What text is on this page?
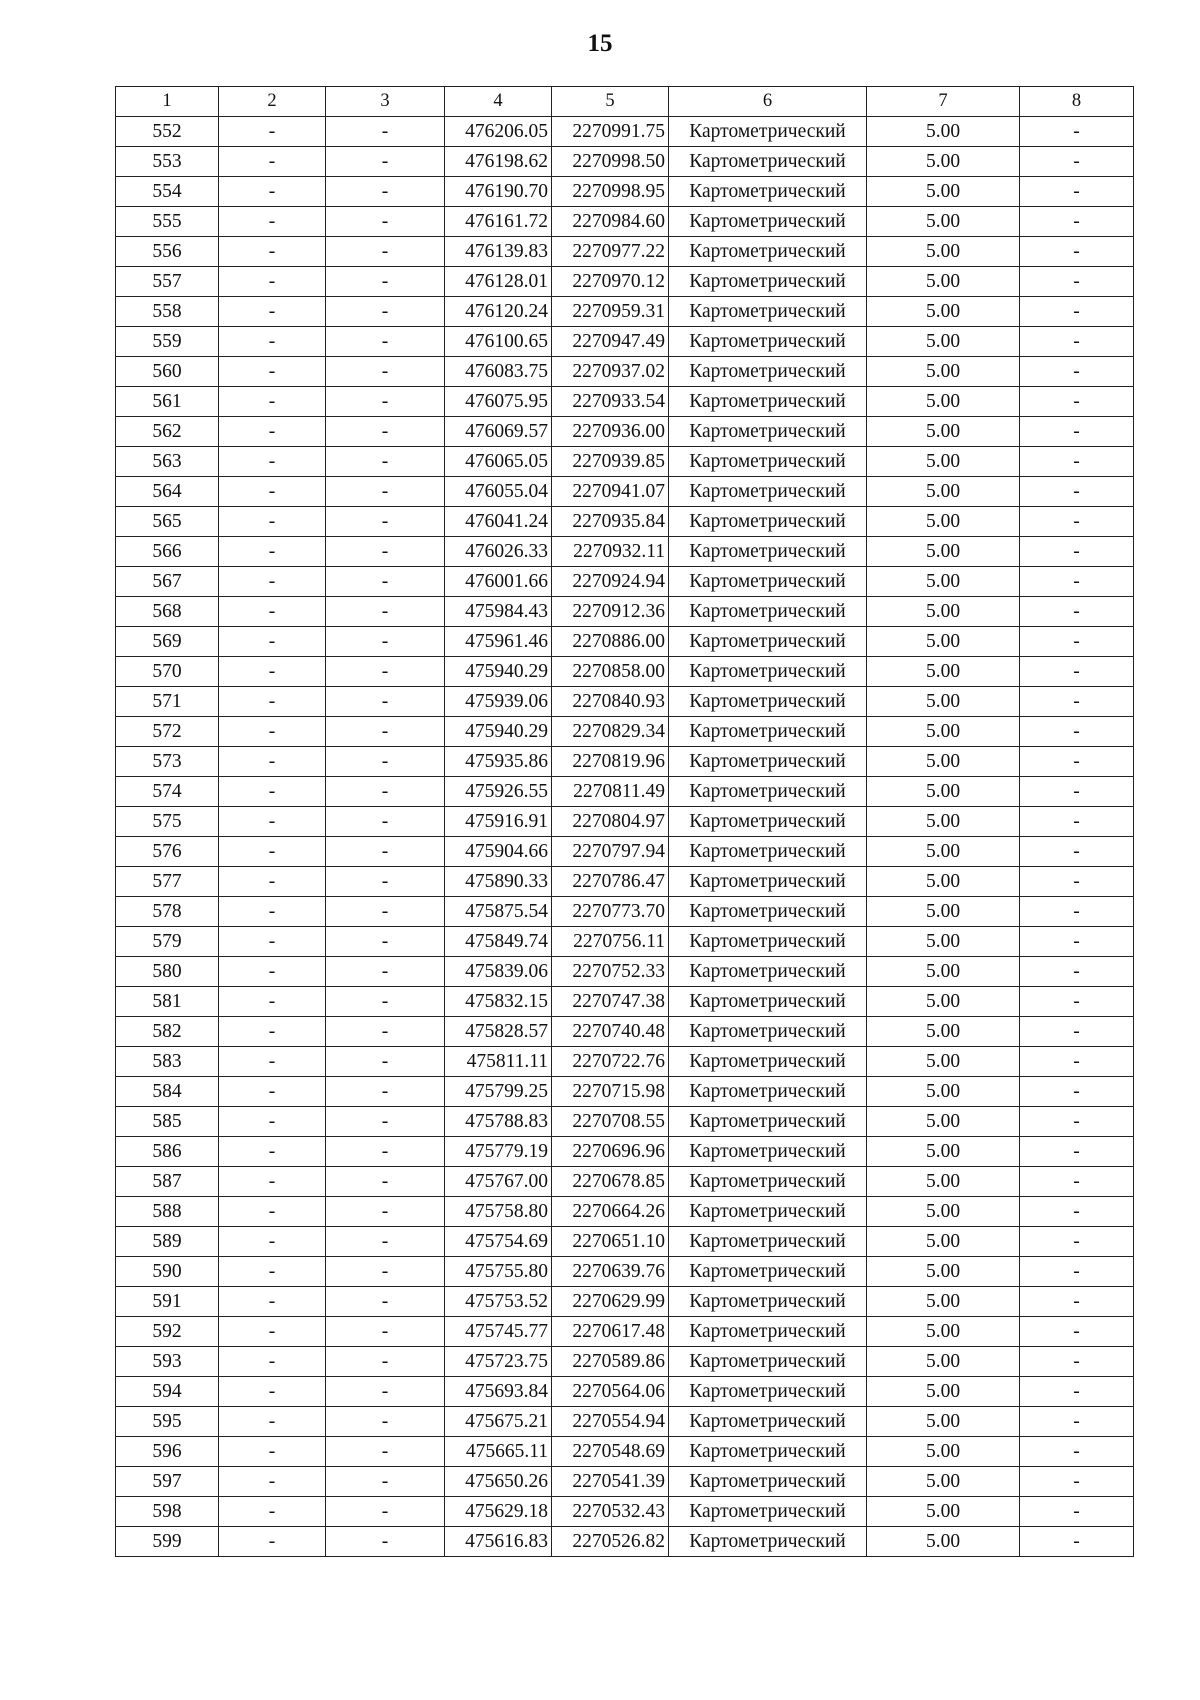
15
1	2	3	4	5	6	7	8
552	-	-	476206.05	2270991.75	Картометрический	5.00	-
553	-	-	476198.62	2270998.50	Картометрический	5.00	-
554	-	-	476190.70	2270998.95	Картометрический	5.00	-
555	-	-	476161.72	2270984.60	Картометрический	5.00	-
556	-	-	476139.83	2270977.22	Картометрический	5.00	-
557	-	-	476128.01	2270970.12	Картометрический	5.00	-
558	-	-	476120.24	2270959.31	Картометрический	5.00	-
559	-	-	476100.65	2270947.49	Картометрический	5.00	-
560	-	-	476083.75	2270937.02	Картометрический	5.00	-
561	-	-	476075.95	2270933.54	Картометрический	5.00	-
562	-	-	476069.57	2270936.00	Картометрический	5.00	-
563	-	-	476065.05	2270939.85	Картометрический	5.00	-
564	-	-	476055.04	2270941.07	Картометрический	5.00	-
565	-	-	476041.24	2270935.84	Картометрический	5.00	-
566	-	-	476026.33	2270932.11	Картометрический	5.00	-
567	-	-	476001.66	2270924.94	Картометрический	5.00	-
568	-	-	475984.43	2270912.36	Картометрический	5.00	-
569	-	-	475961.46	2270886.00	Картометрический	5.00	-
570	-	-	475940.29	2270858.00	Картометрический	5.00	-
571	-	-	475939.06	2270840.93	Картометрический	5.00	-
572	-	-	475940.29	2270829.34	Картометрический	5.00	-
573	-	-	475935.86	2270819.96	Картометрический	5.00	-
574	-	-	475926.55	2270811.49	Картометрический	5.00	-
575	-	-	475916.91	2270804.97	Картометрический	5.00	-
576	-	-	475904.66	2270797.94	Картометрический	5.00	-
577	-	-	475890.33	2270786.47	Картометрический	5.00	-
578	-	-	475875.54	2270773.70	Картометрический	5.00	-
579	-	-	475849.74	2270756.11	Картометрический	5.00	-
580	-	-	475839.06	2270752.33	Картометрический	5.00	-
581	-	-	475832.15	2270747.38	Картометрический	5.00	-
582	-	-	475828.57	2270740.48	Картометрический	5.00	-
583	-	-	475811.11	2270722.76	Картометрический	5.00	-
584	-	-	475799.25	2270715.98	Картометрический	5.00	-
585	-	-	475788.83	2270708.55	Картометрический	5.00	-
586	-	-	475779.19	2270696.96	Картометрический	5.00	-
587	-	-	475767.00	2270678.85	Картометрический	5.00	-
588	-	-	475758.80	2270664.26	Картометрический	5.00	-
589	-	-	475754.69	2270651.10	Картометрический	5.00	-
590	-	-	475755.80	2270639.76	Картометрический	5.00	-
591	-	-	475753.52	2270629.99	Картометрический	5.00	-
592	-	-	475745.77	2270617.48	Картометрический	5.00	-
593	-	-	475723.75	2270589.86	Картометрический	5.00	-
594	-	-	475693.84	2270564.06	Картометрический	5.00	-
595	-	-	475675.21	2270554.94	Картометрический	5.00	-
596	-	-	475665.11	2270548.69	Картометрический	5.00	-
597	-	-	475650.26	2270541.39	Картометрический	5.00	-
598	-	-	475629.18	2270532.43	Картометрический	5.00	-
599	-	-	475616.83	2270526.82	Картометрический	5.00	-
